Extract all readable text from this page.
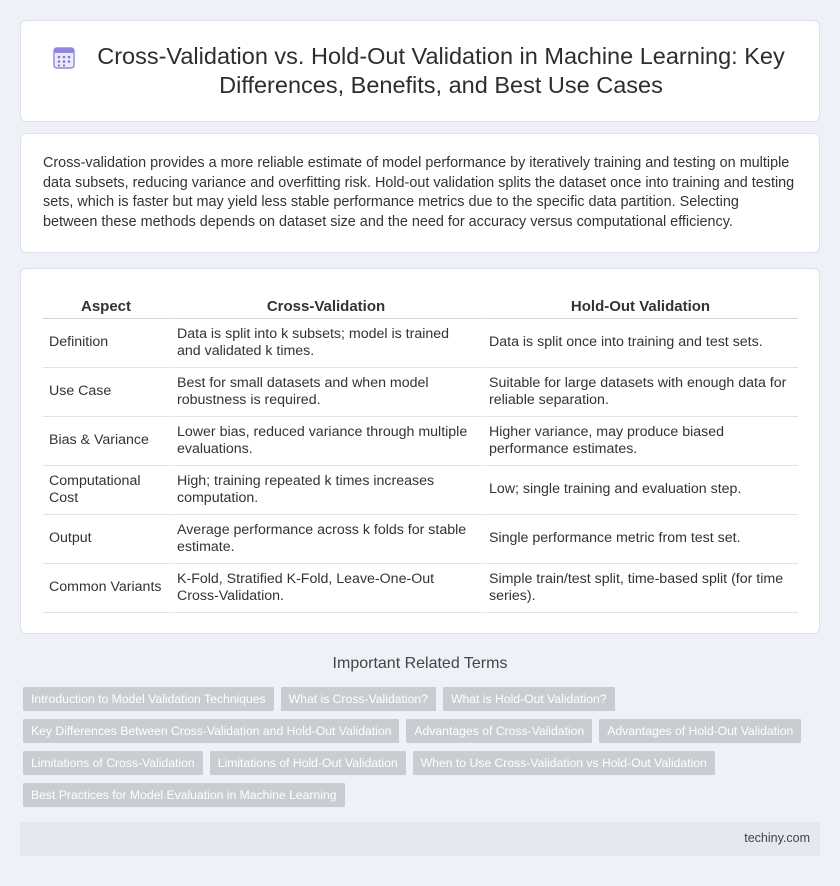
Cross-Validation vs. Hold-Out Validation in Machine Learning: Key Differences, Benefits, and Best Use Cases

Cross-validation provides a more reliable estimate of model performance by iteratively training and testing on multiple data subsets, reducing variance and overfitting risk. Hold-out validation splits the dataset once into training and testing sets, which is faster but may yield less stable performance metrics due to the specific data partition. Selecting between these methods depends on dataset size and the need for accuracy versus computational efficiency.

Aspect	Cross-Validation	Hold-Out Validation
Definition	Data is split into k subsets; model is trained and validated k times.	Data is split once into training and test sets.
Use Case	Best for small datasets and when model robustness is required.	Suitable for large datasets with enough data for reliable separation.
Bias & Variance	Lower bias, reduced variance through multiple evaluations.	Higher variance, may produce biased performance estimates.
Computational Cost	High; training repeated k times increases computation.	Low; single training and evaluation step.
Output	Average performance across k folds for stable estimate.	Single performance metric from test set.
Common Variants	K-Fold, Stratified K-Fold, Leave-One-Out Cross-Validation.	Simple train/test split, time-based split (for time series).
Important Related Terms
Introduction to Model Validation Techniques	What is Cross-Validation?	What is Hold-Out Validation?
Key Differences Between Cross-Validation and Hold-Out Validation	Advantages of Cross-Validation	Advantages of Hold-Out Validation
Limitations of Cross-Validation	Limitations of Hold-Out Validation	When to Use Cross-Validation vs Hold-Out Validation
Best Practices for Model Evaluation in Machine Learning
techiny.com
